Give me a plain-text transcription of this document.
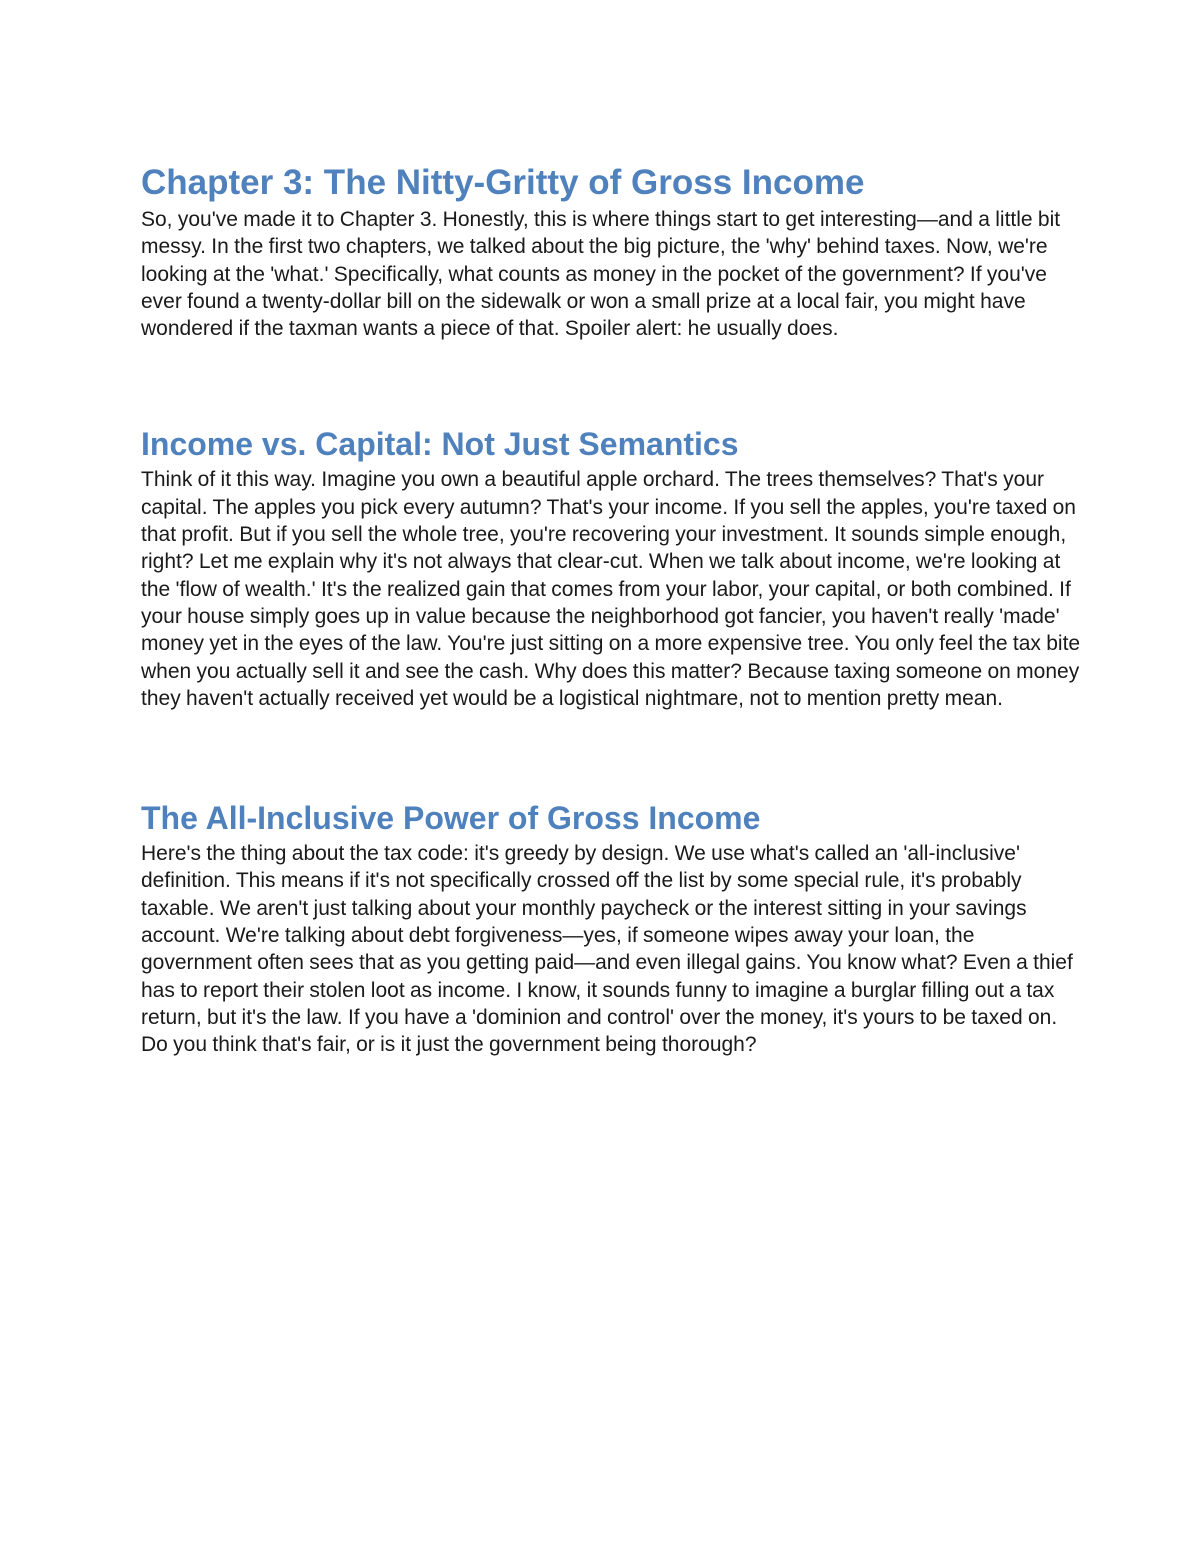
Chapter 3: The Nitty-Gritty of Gross Income

So, you've made it to Chapter 3. Honestly, this is where things start to get interesting—and a little bit messy. In the first two chapters, we talked about the big picture, the 'why' behind taxes. Now, we're looking at the 'what.' Specifically, what counts as money in the pocket of the government? If you've ever found a twenty-dollar bill on the sidewalk or won a small prize at a local fair, you might have wondered if the taxman wants a piece of that. Spoiler alert: he usually does.

Income vs. Capital: Not Just Semantics

Think of it this way. Imagine you own a beautiful apple orchard. The trees themselves? That's your capital. The apples you pick every autumn? That's your income. If you sell the apples, you're taxed on that profit. But if you sell the whole tree, you're recovering your investment. It sounds simple enough, right? Let me explain why it's not always that clear-cut. When we talk about income, we're looking at the 'flow of wealth.' It's the realized gain that comes from your labor, your capital, or both combined. If your house simply goes up in value because the neighborhood got fancier, you haven't really 'made' money yet in the eyes of the law. You're just sitting on a more expensive tree. You only feel the tax bite when you actually sell it and see the cash. Why does this matter? Because taxing someone on money they haven't actually received yet would be a logistical nightmare, not to mention pretty mean.

The All-Inclusive Power of Gross Income

Here's the thing about the tax code: it's greedy by design. We use what's called an 'all-inclusive' definition. This means if it's not specifically crossed off the list by some special rule, it's probably taxable. We aren't just talking about your monthly paycheck or the interest sitting in your savings account. We're talking about debt forgiveness—yes, if someone wipes away your loan, the government often sees that as you getting paid—and even illegal gains. You know what? Even a thief has to report their stolen loot as income. I know, it sounds funny to imagine a burglar filling out a tax return, but it's the law. If you have a 'dominion and control' over the money, it's yours to be taxed on. Do you think that's fair, or is it just the government being thorough?
